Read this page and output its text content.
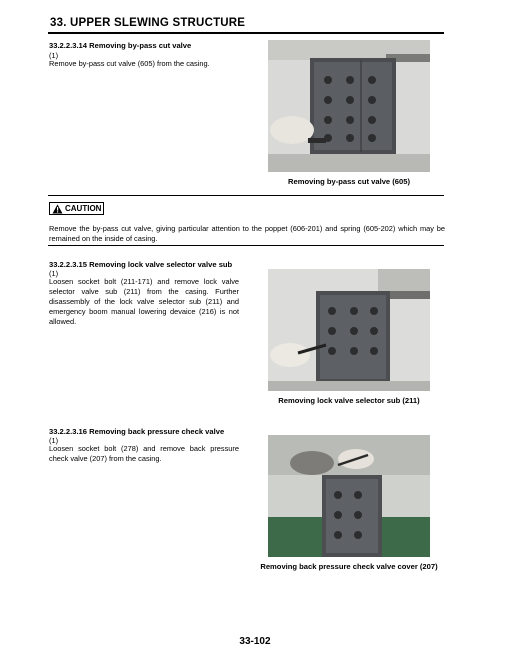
33. UPPER SLEWING STRUCTURE
33.2.2.3.14 Removing by-pass cut valve
(1)
Remove by-pass cut valve (605) from the casing.
Removing by-pass cut valve (605)
CAUTION
Remove the by-pass cut valve, giving particular attention to the poppet (606-201) and spring (605-202) which may be remained on the inside of casing.
33.2.2.3.15 Removing lock valve selector valve sub
(1)
Loosen socket bolt (211-171) and remove lock valve selector valve sub (211) from the casing. Further disassembly of the lock valve selector sub (211) and emergency boom manual lowering devaice (216) is not allowed.
Removing lock valve selector sub (211)
33.2.2.3.16 Removing back pressure check valve
(1)
Loosen socket bolt (278) and remove back pressure check valve (207) from the casing.
Removing back pressure check valve cover (207)
33-102
